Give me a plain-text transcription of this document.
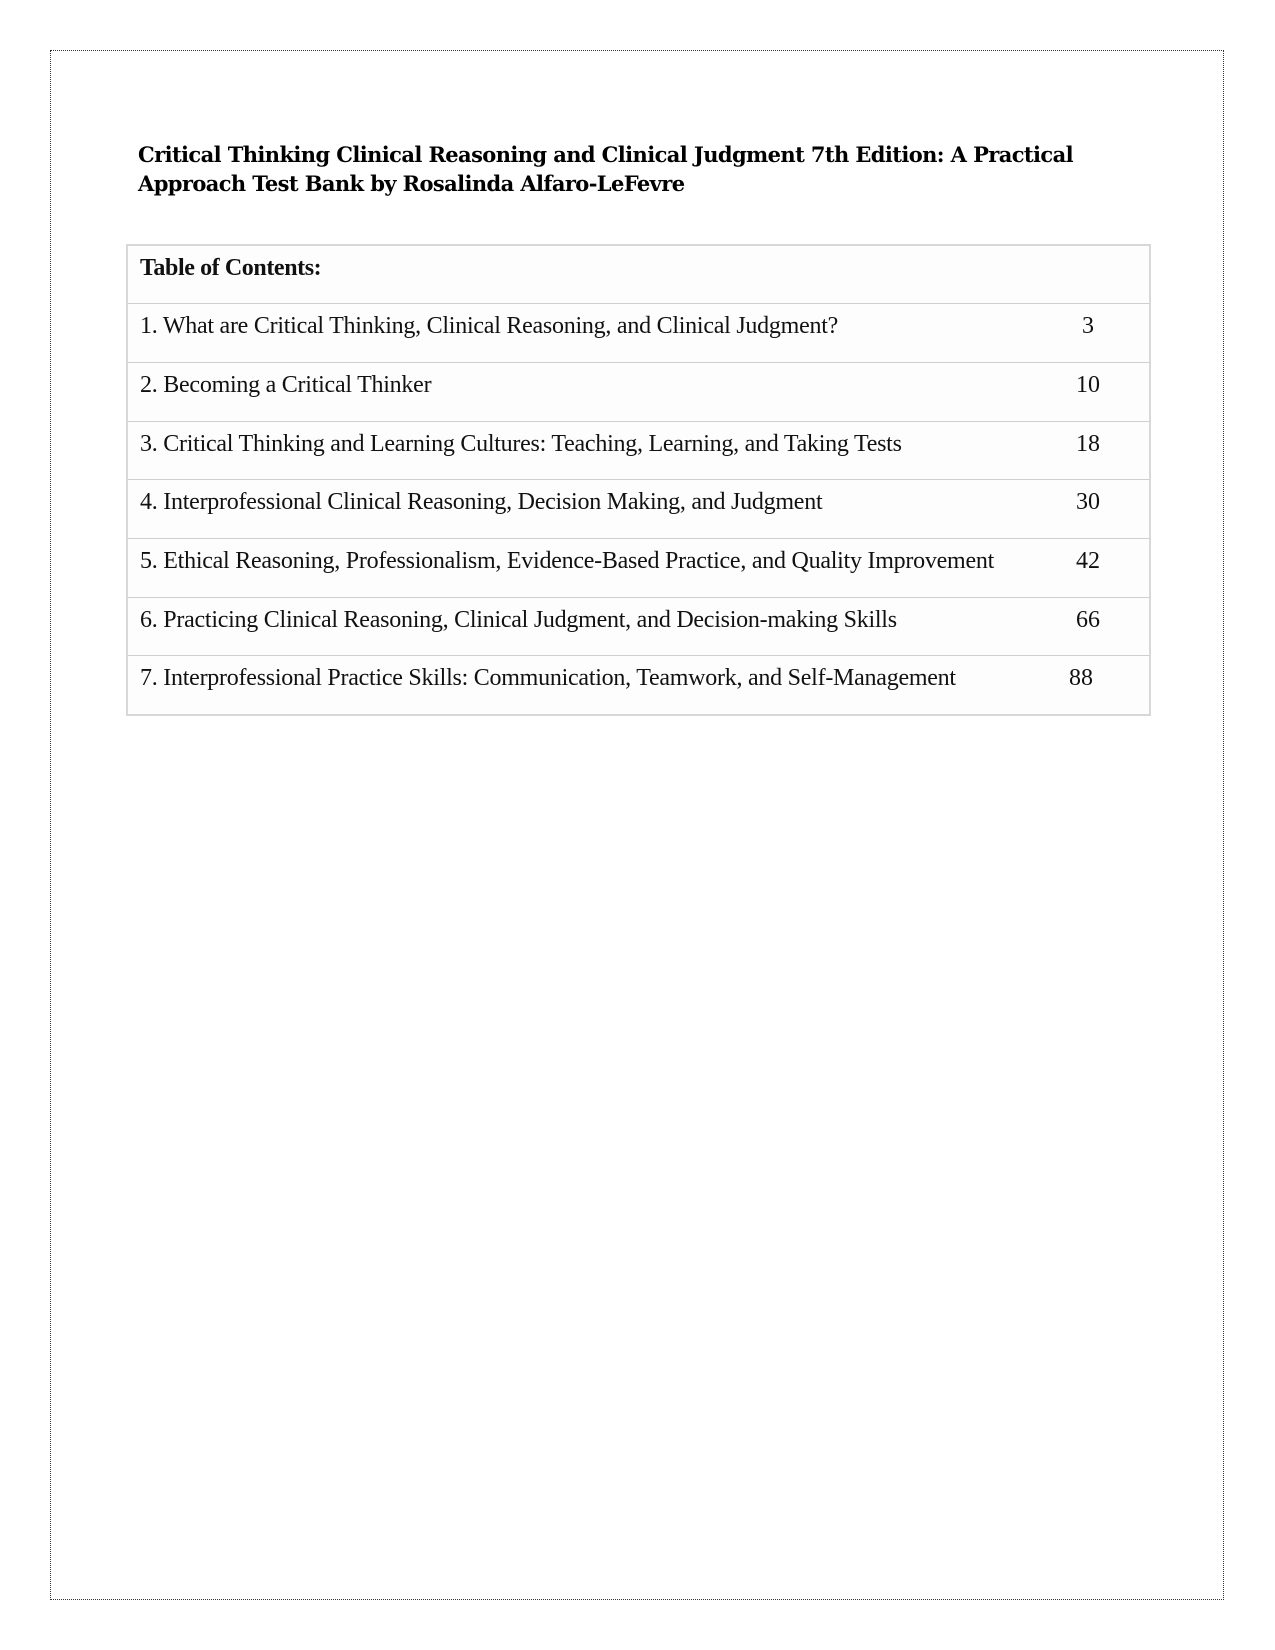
Critical Thinking Clinical Reasoning and Clinical Judgment 7th Edition: A Practical
Approach Test Bank by Rosalinda Alfaro-LeFevre
Table of Contents:	
1. What are Critical Thinking, Clinical Reasoning, and Clinical Judgment?	3
2. Becoming a Critical Thinker	10
3. Critical Thinking and Learning Cultures: Teaching, Learning, and Taking Tests	18
4. Interprofessional Clinical Reasoning, Decision Making, and Judgment	30
5. Ethical Reasoning, Professionalism, Evidence-Based Practice, and Quality Improvement	42
6. Practicing Clinical Reasoning, Clinical Judgment, and Decision-making Skills	66
7. Interprofessional Practice Skills: Communication, Teamwork, and Self-Management	88
